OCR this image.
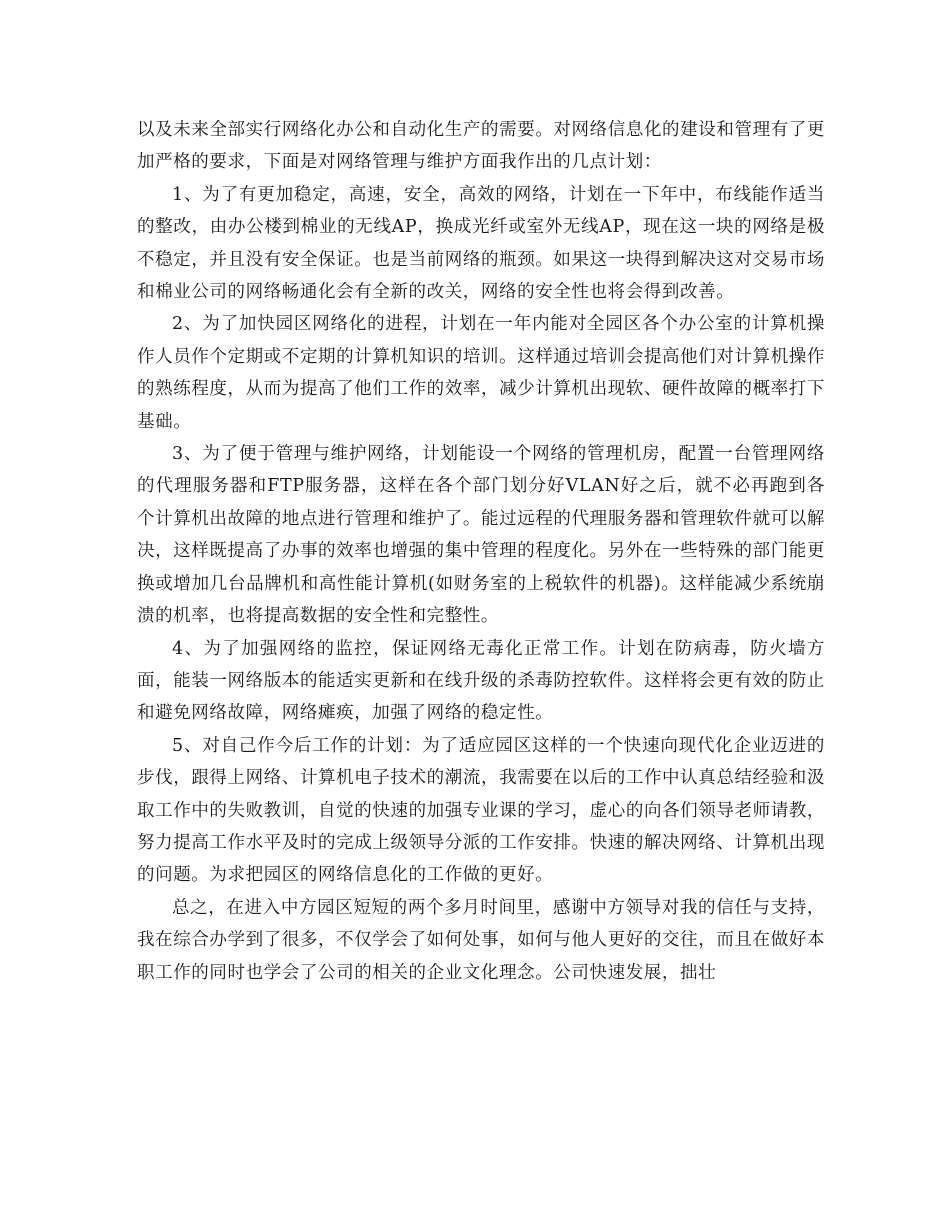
以及未来全部实行网络化办公和自动化生产的需要。对网络信息化的建设和管理有了更加严格的要求，下面是对网络管理与维护方面我作出的几点计划：

1、为了有更加稳定，高速，安全，高效的网络，计划在一下年中，布线能作适当的整改，由办公楼到棉业的无线AP，换成光纤或室外无线AP，现在这一块的网络是极不稳定，并且没有安全保证。也是当前网络的瓶颈。如果这一块得到解决这对交易市场和棉业公司的网络畅通化会有全新的改关，网络的安全性也将会得到改善。

2、为了加快园区网络化的进程，计划在一年内能对全园区各个办公室的计算机操作人员作个定期或不定期的计算机知识的培训。这样通过培训会提高他们对计算机操作的熟练程度，从而为提高了他们工作的效率，减少计算机出现软、硬件故障的概率打下基础。

3、为了便于管理与维护网络，计划能设一个网络的管理机房，配置一台管理网络的代理服务器和FTP服务器，这样在各个部门划分好VLAN好之后，就不必再跑到各个计算机出故障的地点进行管理和维护了。能过远程的代理服务器和管理软件就可以解决，这样既提高了办事的效率也增强的集中管理的程度化。另外在一些特殊的部门能更换或增加几台品牌机和高性能计算机(如财务室的上税软件的机器)。这样能减少系统崩溃的机率，也将提高数据的安全性和完整性。

4、为了加强网络的监控，保证网络无毒化正常工作。计划在防病毒，防火墙方面，能装一网络版本的能适实更新和在线升级的杀毒防控软件。这样将会更有效的防止和避免网络故障，网络瘫痪，加强了网络的稳定性。

5、对自己作今后工作的计划：为了适应园区这样的一个快速向现代化企业迈进的步伐，跟得上网络、计算机电子技术的潮流，我需要在以后的工作中认真总结经验和汲取工作中的失败教训，自觉的快速的加强专业课的学习，虚心的向各们领导老师请教，努力提高工作水平及时的完成上级领导分派的工作安排。快速的解决网络、计算机出现的问题。为求把园区的网络信息化的工作做的更好。

总之，在进入中方园区短短的两个多月时间里，感谢中方领导对我的信任与支持，我在综合办学到了很多，不仅学会了如何处事，如何与他人更好的交往，而且在做好本职工作的同时也学会了公司的相关的企业文化理念。公司快速发展，拙壮
